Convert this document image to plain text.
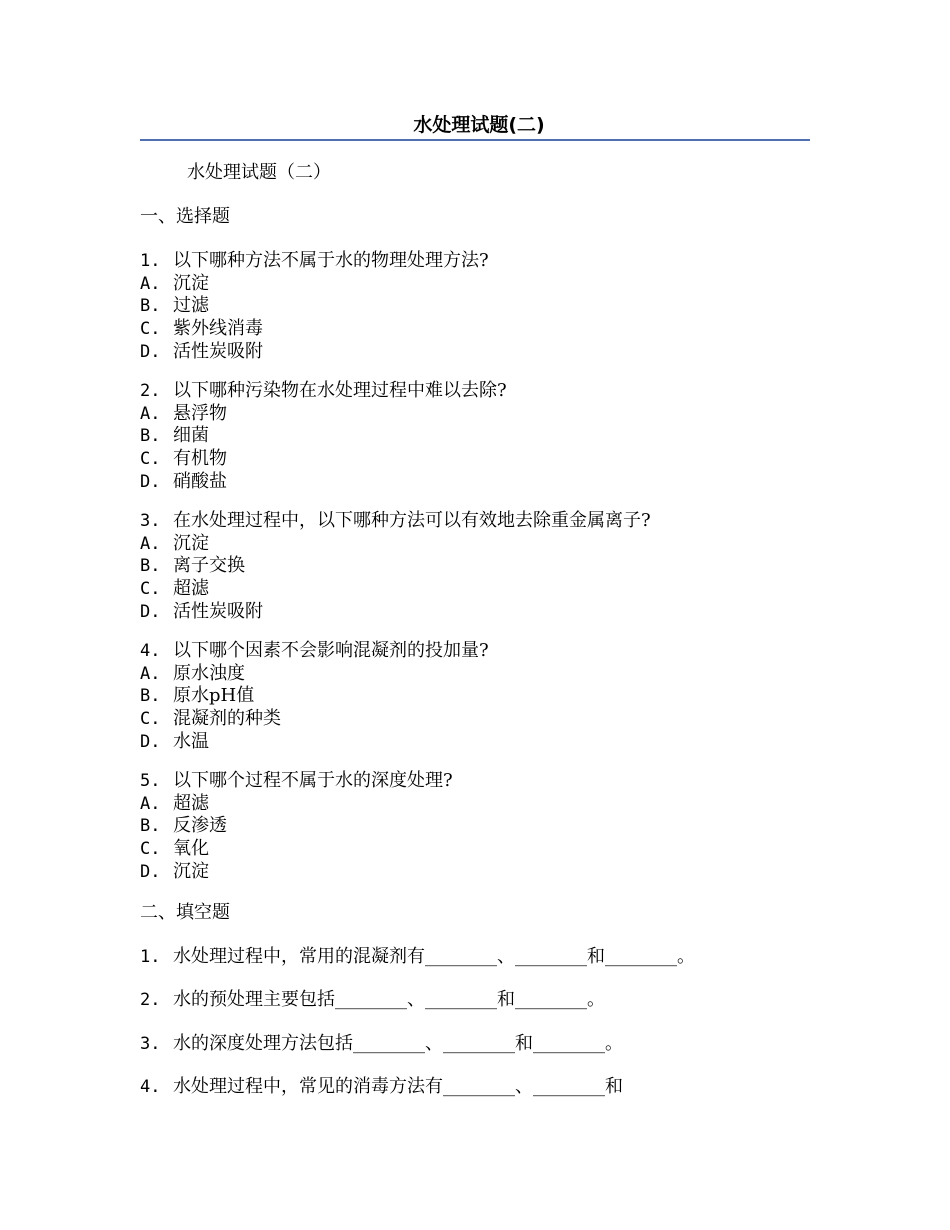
水处理试题(二)
水处理试题（二）
一、选择题
1. 以下哪种方法不属于水的物理处理方法?
A. 沉淀
B. 过滤
C. 紫外线消毒
D. 活性炭吸附
2. 以下哪种污染物在水处理过程中难以去除?
A. 悬浮物
B. 细菌
C. 有机物
D. 硝酸盐
3. 在水处理过程中，以下哪种方法可以有效地去除重金属离子?
A. 沉淀
B. 离子交换
C. 超滤
D. 活性炭吸附
4. 以下哪个因素不会影响混凝剂的投加量?
A. 原水浊度
B. 原水pH值
C. 混凝剂的种类
D. 水温
5. 以下哪个过程不属于水的深度处理?
A. 超滤
B. 反渗透
C. 氧化
D. 沉淀
二、填空题
1. 水处理过程中，常用的混凝剂有________、________和________。
2. 水的预处理主要包括________、________和________。
3. 水的深度处理方法包括________、________和________。
4. 水处理过程中，常见的消毒方法有________、________和
